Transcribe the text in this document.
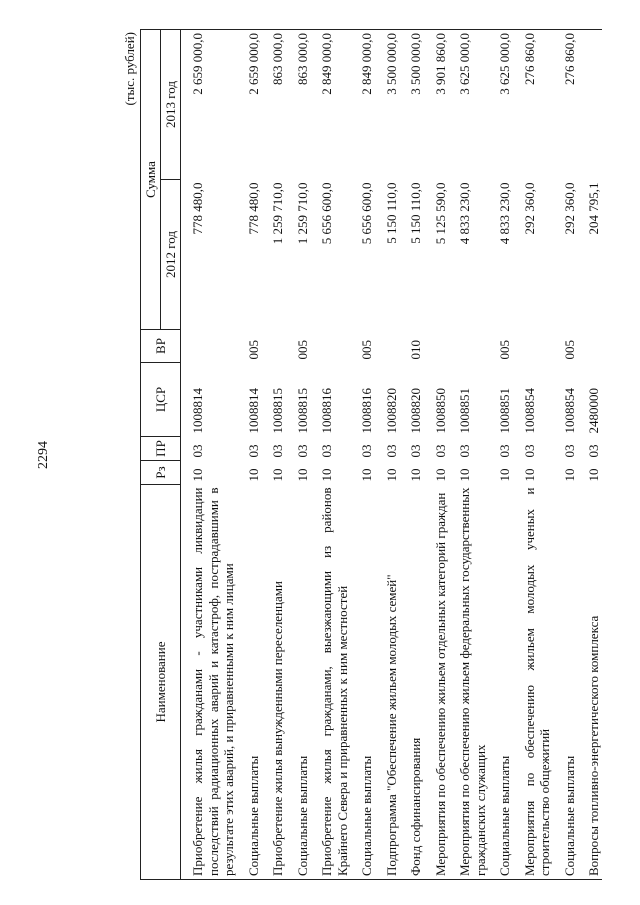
2294
(тыс. рублей)
Наименование	Рз	ПР	ЦСР	ВР	Сумма	
					2012 год	2013 год

Приобретение жилья гражданами - участниками ликвидации последствий радиационных аварий и катастроф, пострадавшими в результате этих аварий, и приравненными к ним лицами	10	03	1008814		778 480,0	2 659 000,0

Социальные выплаты	10	03	1008814	005	778 480,0	2 659 000,0

Приобретение жилья вынужденными переселенцами	10	03	1008815		1 259 710,0	863 000,0

Социальные выплаты	10	03	1008815	005	1 259 710,0	863 000,0

Приобретение жилья гражданами, выезжающими из районов Крайнего Севера и приравненных к ним местностей	10	03	1008816		5 656 600,0	2 849 000,0

Социальные выплаты	10	03	1008816	005	5 656 600,0	2 849 000,0

Подпрограмма "Обеспечение жильем молодых семей"	10	03	1008820		5 150 110,0	3 500 000,0

Фонд софинансирования	10	03	1008820	010	5 150 110,0	3 500 000,0

Мероприятия по обеспечению жильем отдельных категорий граждан	10	03	1008850		5 125 590,0	3 901 860,0

Мероприятия по обеспечению жильем федеральных государственных гражданских служащих	10	03	1008851		4 833 230,0	3 625 000,0

Социальные выплаты	10	03	1008851	005	4 833 230,0	3 625 000,0

Мероприятия по обеспечению жильем молодых ученых и строительство общежитий	10	03	1008854		292 360,0	276 860,0

Социальные выплаты	10	03	1008854	005	292 360,0	276 860,0

Вопросы топливно-энергетического комплекса	10	03	2480000		204 795,1	
